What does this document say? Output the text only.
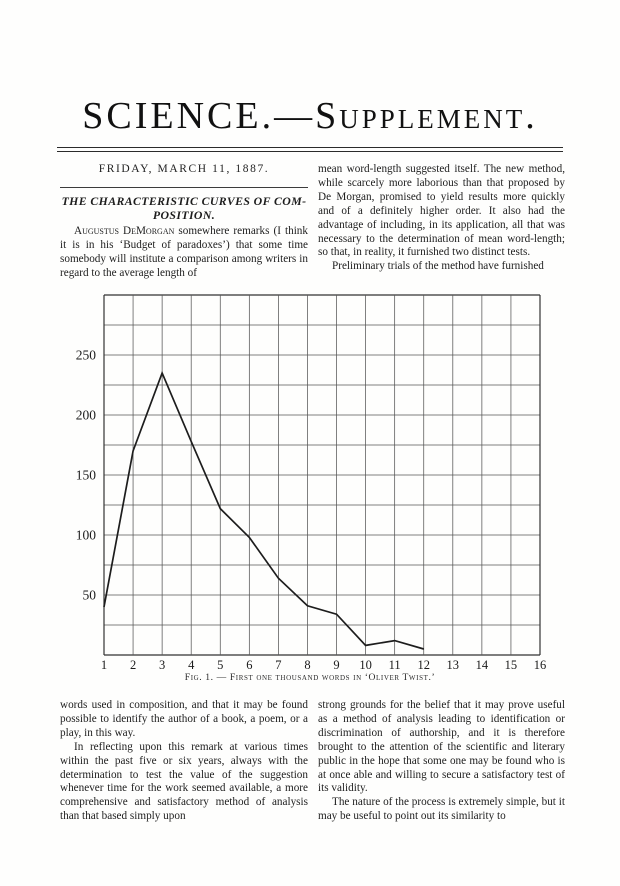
SCIENCE.—Supplement.
FRIDAY, MARCH 11, 1887.
THE CHARACTERISTIC CURVES OF COM-
POSITION.

Augustus DeMorgan somewhere remarks (I think it is in his ‘Budget of paradoxes’) that some time somebody will institute a comparison among writers in regard to the average length of

mean word-length suggested itself. The new method, while scarcely more laborious than that proposed by De Morgan, promised to yield results more quickly and of a definitely higher order. It also had the advantage of including, in its application, all that was necessary to the determination of mean word-length; so that, in reality, it furnished two distinct tests.

Preliminary trials of the method have furnished

50
100
150
200
250
1 2 3 4 5 6 7 8 9 10 11 12 13 14 15 16
Fig. 1. — First one thousand words in ‘Oliver Twist.’

words used in composition, and that it may be found possible to identify the author of a book, a poem, or a play, in this way.

In reflecting upon this remark at various times within the past five or six years, always with the determination to test the value of the suggestion whenever time for the work seemed available, a more comprehensive and satisfactory method of analysis than that based simply upon

strong grounds for the belief that it may prove useful as a method of analysis leading to identification or discrimination of authorship, and it is therefore brought to the attention of the scientific and literary public in the hope that some one may be found who is at once able and willing to secure a satisfactory test of its validity.

The nature of the process is extremely simple, but it may be useful to point out its similarity to
